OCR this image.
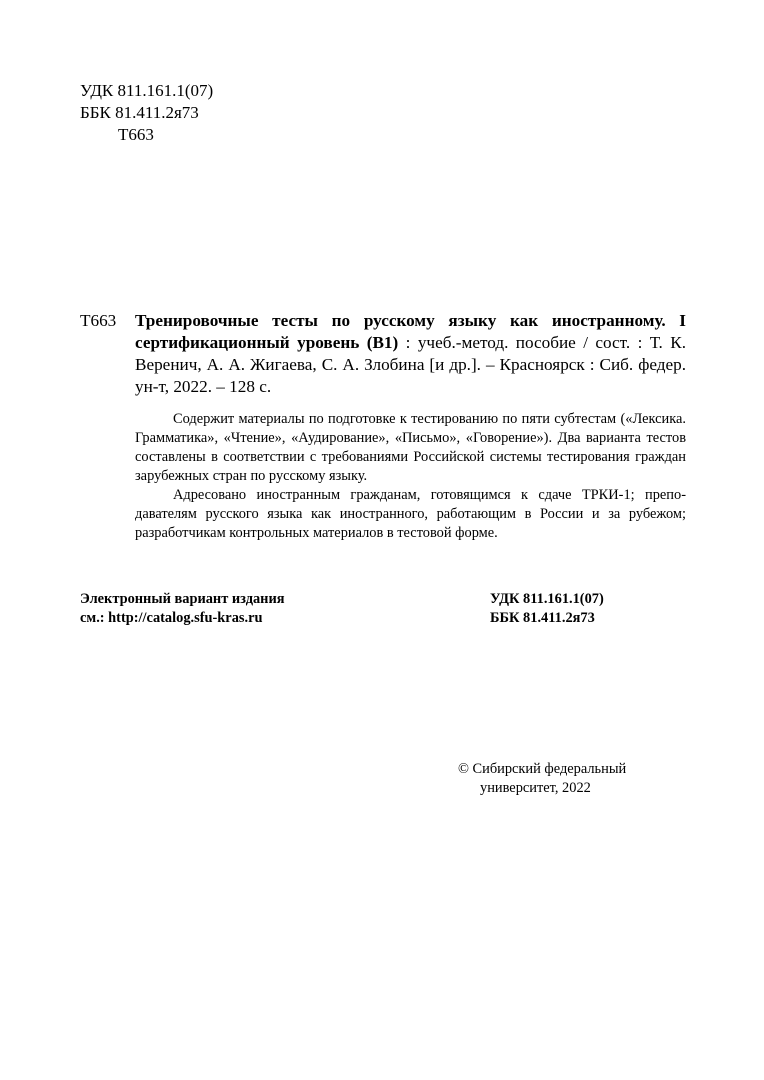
УДК 811.161.1(07)
ББК 81.411.2я73
Т663
Т663 Тренировочные тесты по русскому языку как иностранному. I сертификационный уровень (В1) : учеб.-метод. пособие / сост. : Т. К. Веренич, А. А. Жигаева, С. А. Злобина [и др.]. – Красноярск : Сиб. федер. ун-т, 2022. – 128 с.

Содержит материалы по подготовке к тестированию по пяти субтестам («Лексика. Грамматика», «Чтение», «Аудирование», «Письмо», «Говорение»). Два варианта тестов составлены в соответствии с требованиями Российской системы тестирования граждан зарубежных стран по русскому языку.

Адресовано иностранным гражданам, готовящимся к сдаче ТРКИ-1; препо-давателям русского языка как иностранного, работающим в России и за рубежом; разработчикам контрольных материалов в тестовой форме.

Электронный вариант издания
см.: http://catalog.sfu-kras.ru
УДК 811.161.1(07)
ББК 81.411.2я73
© Сибирский федеральный
университет, 2022
